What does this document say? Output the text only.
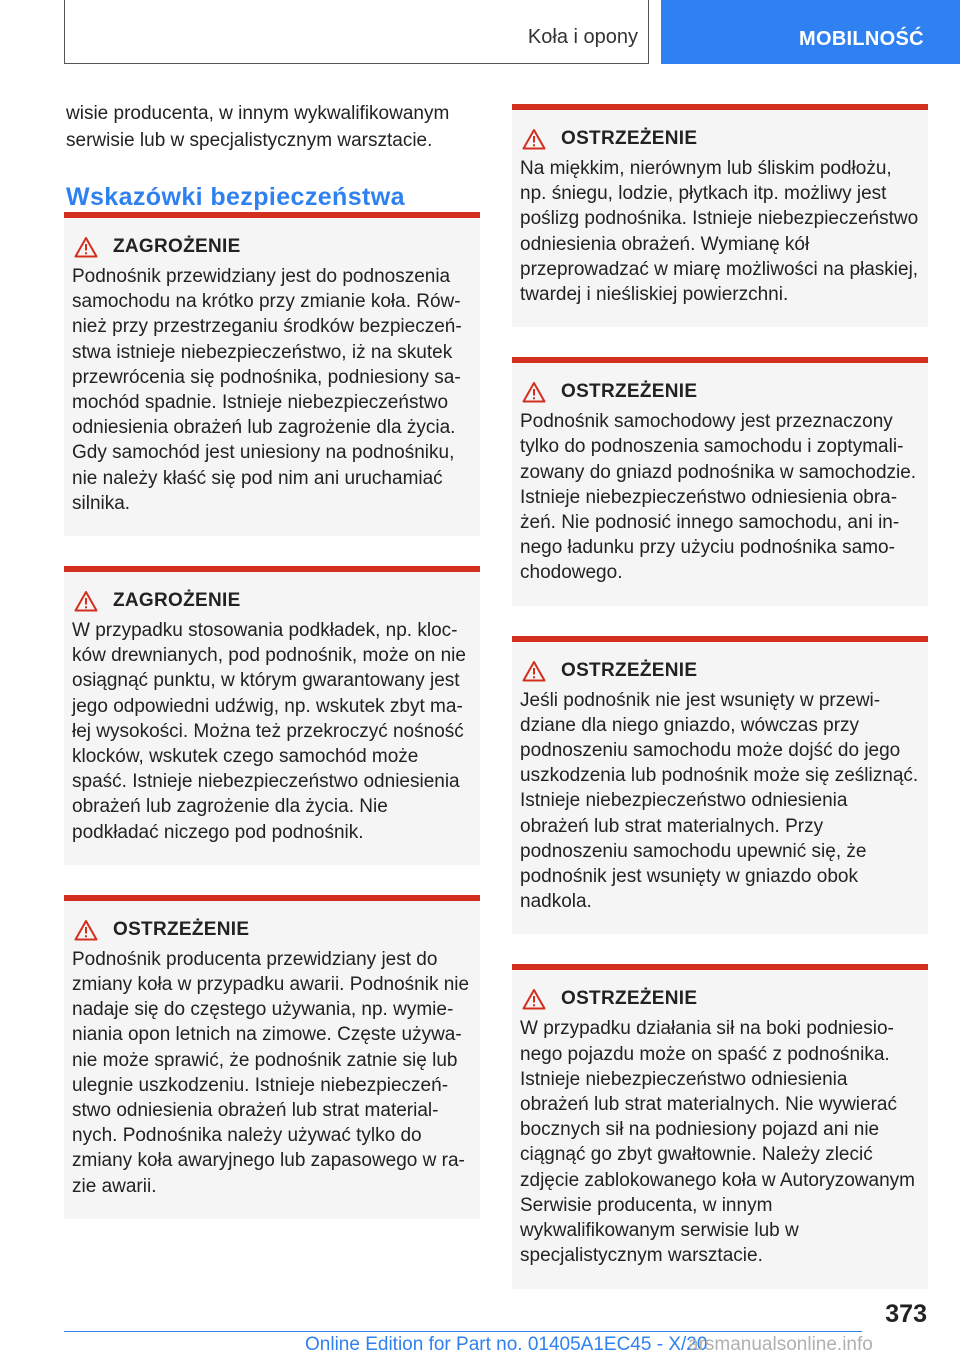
Koła i opony	MOBILNOŚĆ

wisie producenta, w innym wykwalifikowanym serwisie lub w specjalistycznym warsztacie.

Wskazówki bezpieczeństwa
ZAGROŻENIE

Podnośnik przewidziany jest do podnoszenia samochodu na krótko przy zmianie koła. Również przy przestrzeganiu środków bezpieczeństwa istnieje niebezpieczeństwo, iż na skutek przewrócenia się podnośnika, podniesiony samochód spadnie. Istnieje niebezpieczeństwo odniesienia obrażeń lub zagrożenie dla życia. Gdy samochód jest uniesiony na podnośniku, nie należy kłaść się pod nim ani uruchamiać silnika.

ZAGROŻENIE

W przypadku stosowania podkładek, np. klocków drewnianych, pod podnośnik, może on nie osiągnąć punktu, w którym gwarantowany jest jego odpowiedni udźwig, np. wskutek zbyt małej wysokości. Można też przekroczyć nośność klocków, wskutek czego samochód może spaść. Istnieje niebezpieczeństwo odniesienia obrażeń lub zagrożenie dla życia. Nie podkładać niczego pod podnośnik.

OSTRZEŻENIE

Podnośnik producenta przewidziany jest do zmiany koła w przypadku awarii. Podnośnik nie nadaje się do częstego używania, np. wymieniania opon letnich na zimowe. Częste używanie może sprawić, że podnośnik zatnie się lub ulegnie uszkodzeniu. Istnieje niebezpieczeństwo odniesienia obrażeń lub strat materialnych. Podnośnika należy używać tylko do zmiany koła awaryjnego lub zapasowego w razie awarii.

OSTRZEŻENIE

Na miękkim, nierównym lub śliskim podłożu, np. śniegu, lodzie, płytkach itp. możliwy jest poślizg podnośnika. Istnieje niebezpieczeństwo odniesienia obrażeń. Wymianę kół przeprowadzać w miarę możliwości na płaskiej, twardej i nieśliskiej powierzchni.

OSTRZEŻENIE

Podnośnik samochodowy jest przeznaczony tylko do podnoszenia samochodu i zoptymalizowany do gniazd podnośnika w samochodzie. Istnieje niebezpieczeństwo odniesienia obrażeń. Nie podnosić innego samochodu, ani innego ładunku przy użyciu podnośnika samochodowego.

OSTRZEŻENIE

Jeśli podnośnik nie jest wsunięty w przewidziane dla niego gniazdo, wówczas przy podnoszeniu samochodu może dojść do jego uszkodzenia lub podnośnik może się ześliznąć. Istnieje niebezpieczeństwo odniesienia obrażeń lub strat materialnych. Przy podnoszeniu samochodu upewnić się, że podnośnik jest wsunięty w gniazdo obok nadkola.

OSTRZEŻENIE

W przypadku działania sił na boki podniesionego pojazdu może on spaść z podnośnika. Istnieje niebezpieczeństwo odniesienia obrażeń lub strat materialnych. Nie wywierać bocznych sił na podniesiony pojazd ani nie ciągnąć go zbyt gwałtownie. Należy zlecić zdjęcie zablokowanego koła w Autoryzowanym Serwisie producenta, w innym wykwalifikowanym serwisie lub w specjalistycznym warsztacie.

373
Online Edition for Part no. 01405A1EC45 - X/20
arsmanualsonline.info
